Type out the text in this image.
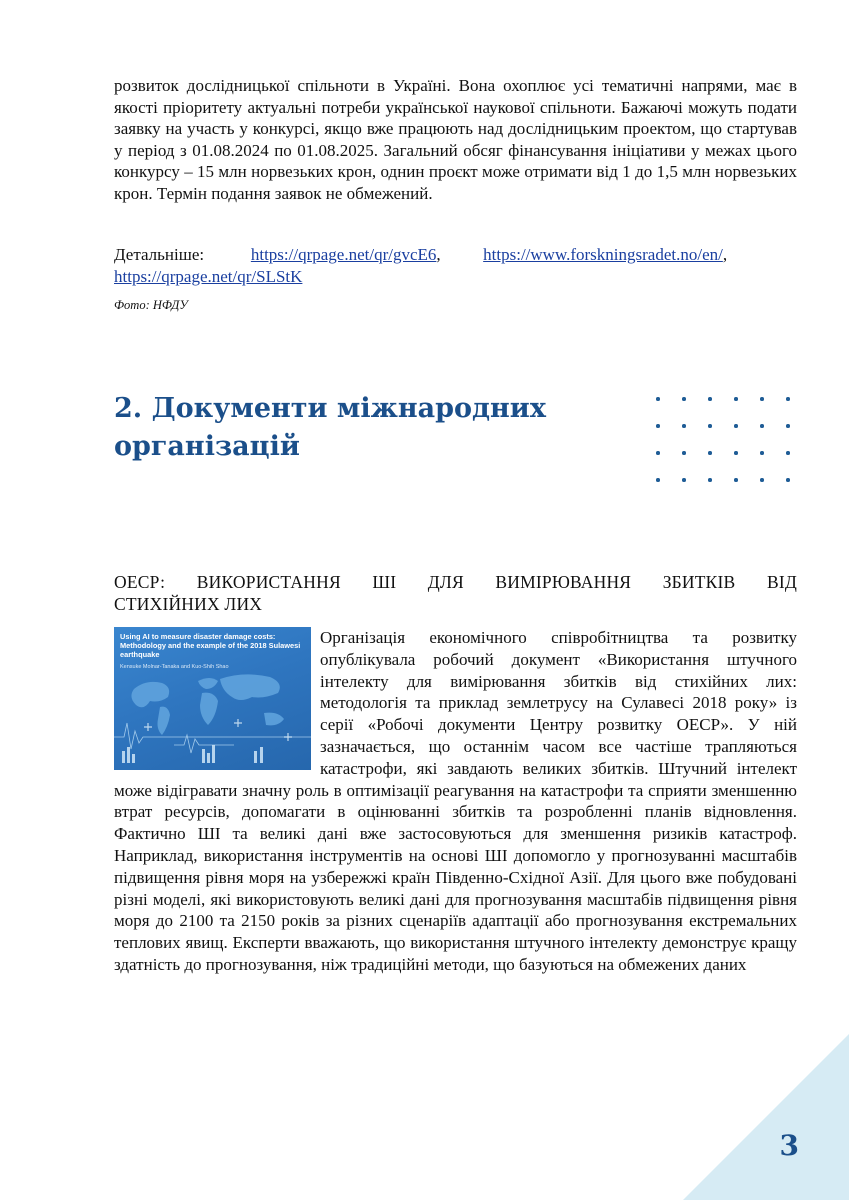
розвиток дослідницької спільноти в Україні. Вона охоплює усі тематичні напрями, має в якості пріоритету актуальні потреби української наукової спільноти. Бажаючі можуть подати заявку на участь у конкурсі, якщо вже працюють над дослідницьким проектом, що стартував у період з 01.08.2024 по 01.08.2025. Загальний обсяг фінансування ініціативи у межах цього конкурсу – 15 млн норвезьких крон, однин проєкт може отримати від 1 до 1,5 млн норвезьких крон. Термін подання заявок не обмежений.

Детальніше:	https://qrpage.net/qr/gvcE6,	https://www.forskningsradet.no/en/,
https://qrpage.net/qr/SLStK
Фото: НФДУ
2. Документи міжнародних організацій
ОЕСР: ВИКОРИСТАННЯ ШІ ДЛЯ ВИМІРЮВАННЯ ЗБИТКІВ ВІД
СТИХІЙНИХ ЛИХ

Організація економічного співробітництва та розвитку опублікувала робочий документ «Використання штучного інтелекту для вимірювання збитків від стихійних лих: методологія та приклад землетрусу на Сулавесі 2018 року» із серії «Робочі документи Центру розвитку ОЕСР». У ній зазначається, що останнім часом все частіше трапляються катастрофи, які завдають великих збитків. Штучний інтелект може відігравати значну роль в оптимізації реагування на катастрофи та сприяти зменшенню втрат ресурсів, допомагати в оцінюванні збитків та розробленні планів відновлення. Фактично ШІ та великі дані вже застосовуються для зменшення ризиків катастроф. Наприклад, використання інструментів на основі ШІ допомогло у прогнозуванні масштабів підвищення рівня моря на узбережжі країн Південно-Східної Азії. Для цього вже побудовані різні моделі, які використовують великі дані для прогнозування масштабів підвищення рівня моря до 2100 та 2150 років за різних сценаріїв адаптації або прогнозування екстремальних теплових явищ. Експерти вважають, що використання штучного інтелекту демонструє кращу здатність до прогнозування, ніж традиційні методи, що базуються на обмежених даних

Using AI to measure disaster damage costs: Methodology and the example of the 2018 Sulawesi earthquake
Kensuke Molnar-Tanaka and Kuo-Shih Shao
3
